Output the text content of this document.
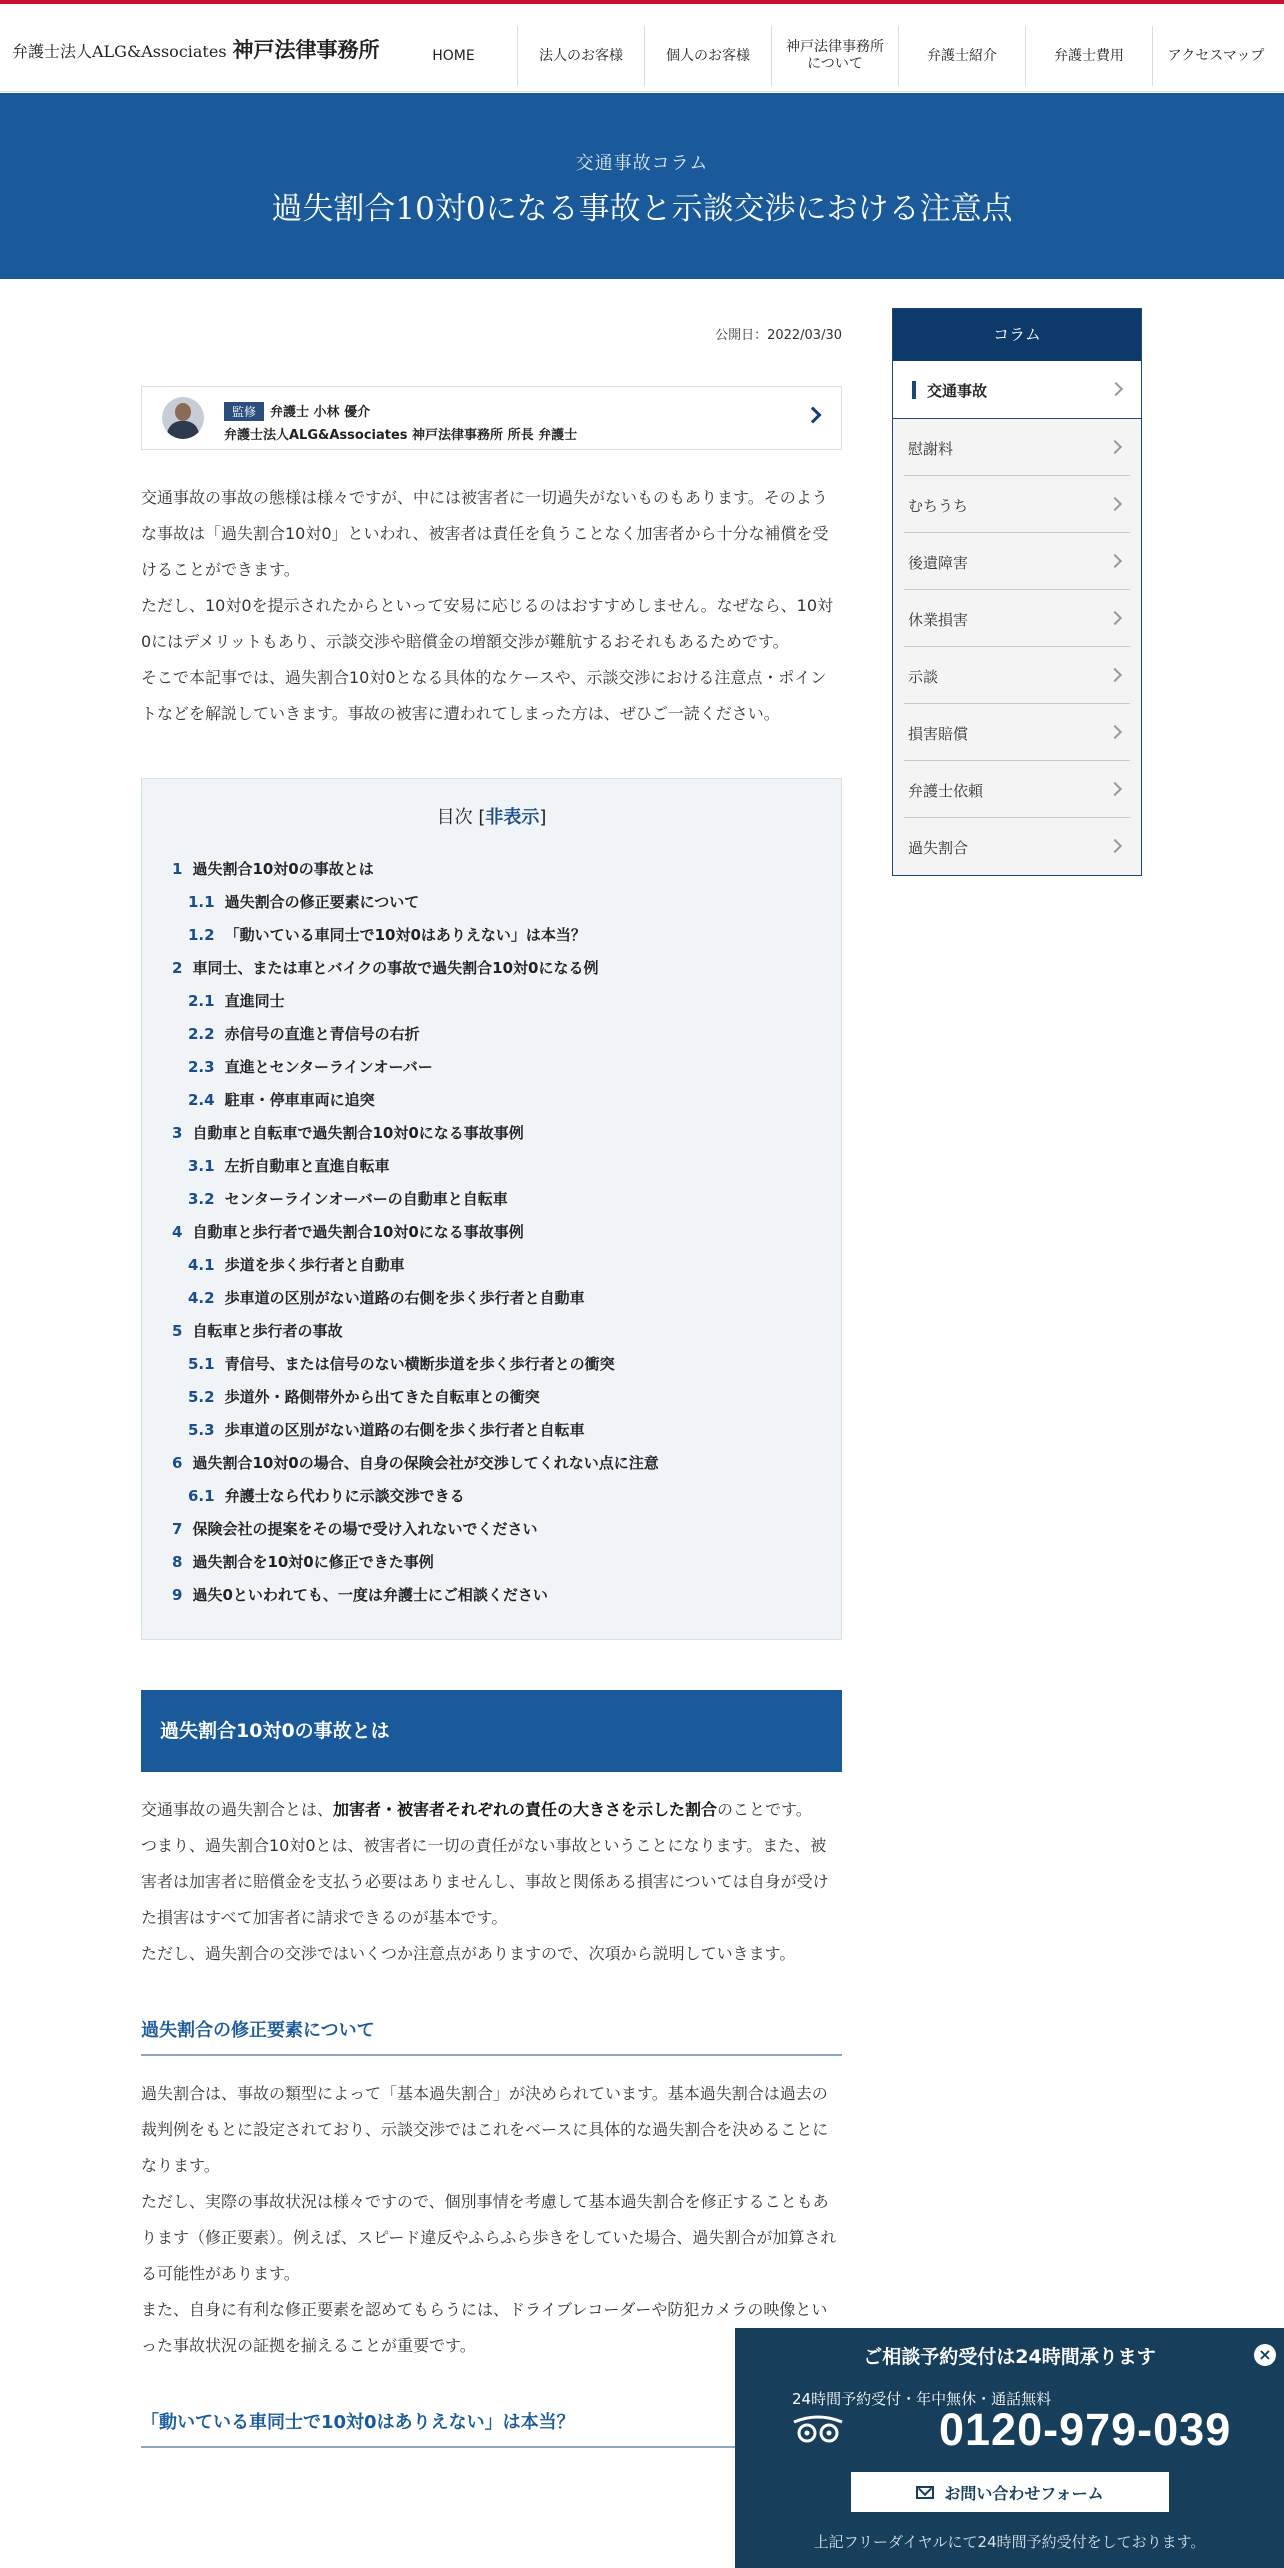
弁護士法人ALG&Associates 神戸法律事務所	HOME	法人のお客様	個人のお客様
神戸法律事務所
について
弁護士紹介	弁護士費用	アクセスマップ
交通事故コラム
過失割合10対0になる事故と示談交渉における注意点
公開日：2022/03/30
監修 弁護士 小林 優介
弁護士法人ALG&Associates 神戸法律事務所 所長 弁護士

交通事故の事故の態様は様々ですが、中には被害者に一切過失がないものもあります。そのような事故は「過失割合10対0」といわれ、被害者は責任を負うことなく加害者から十分な補償を受けることができます。

ただし、10対0を提示されたからといって安易に応じるのはおすすめしません。なぜなら、10対0にはデメリットもあり、示談交渉や賠償金の増額交渉が難航するおそれもあるためです。

そこで本記事では、過失割合10対0となる具体的なケースや、示談交渉における注意点・ポイントなどを解説していきます。事故の被害に遭われてしまった方は、ぜひご一読ください。

目次 [非表示]
1 過失割合10対0の事故とは
1.1 過失割合の修正要素について
1.2 「動いている車同士で10対0はありえない」は本当？
2 車同士、または車とバイクの事故で過失割合10対0になる例
2.1 直進同士
2.2 赤信号の直進と青信号の右折
2.3 直進とセンターラインオーバー
2.4 駐車・停車車両に追突
3 自動車と自転車で過失割合10対0になる事故事例
3.1 左折自動車と直進自転車
3.2 センターラインオーバーの自動車と自転車
4 自動車と歩行者で過失割合10対0になる事故事例
4.1 歩道を歩く歩行者と自動車
4.2 歩車道の区別がない道路の右側を歩く歩行者と自動車
5 自転車と歩行者の事故
5.1 青信号、または信号のない横断歩道を歩く歩行者との衝突
5.2 歩道外・路側帯外から出てきた自転車との衝突
5.3 歩車道の区別がない道路の右側を歩く歩行者と自転車
6 過失割合10対0の場合、自身の保険会社が交渉してくれない点に注意
6.1 弁護士なら代わりに示談交渉できる
7 保険会社の提案をその場で受け入れないでください
8 過失割合を10対0に修正できた事例
9 過失0といわれても、一度は弁護士にご相談ください
過失割合10対0の事故とは

交通事故の過失割合とは、加害者・被害者それぞれの責任の大きさを示した割合のことです。

つまり、過失割合10対0とは、被害者に一切の責任がない事故ということになります。また、被害者は加害者に賠償金を支払う必要はありませんし、事故と関係ある損害については自身が受けた損害はすべて加害者に請求できるのが基本です。

ただし、過失割合の交渉ではいくつか注意点がありますので、次項から説明していきます。

過失割合の修正要素について

過失割合は、事故の類型によって「基本過失割合」が決められています。基本過失割合は過去の裁判例をもとに設定されており、示談交渉ではこれをベースに具体的な過失割合を決めることになります。

ただし、実際の事故状況は様々ですので、個別事情を考慮して基本過失割合を修正することもあります（修正要素）。例えば、スピード違反やふらふら歩きをしていた場合、過失割合が加算される可能性があります。

また、自身に有利な修正要素を認めてもらうには、ドライブレコーダーや防犯カメラの映像といった事故状況の証拠を揃えることが重要です。

「動いている車同士で10対0はありえない」は本当？
コラム
交通事故
慰謝料
むちうち
後遺障害
休業損害
示談
損害賠償
弁護士依頼
過失割合
ご相談予約受付は24時間承ります	×
24時間予約受付・年中無休・通話無料
0120-979-039
お問い合わせフォーム
上記フリーダイヤルにて24時間予約受付をしております。
